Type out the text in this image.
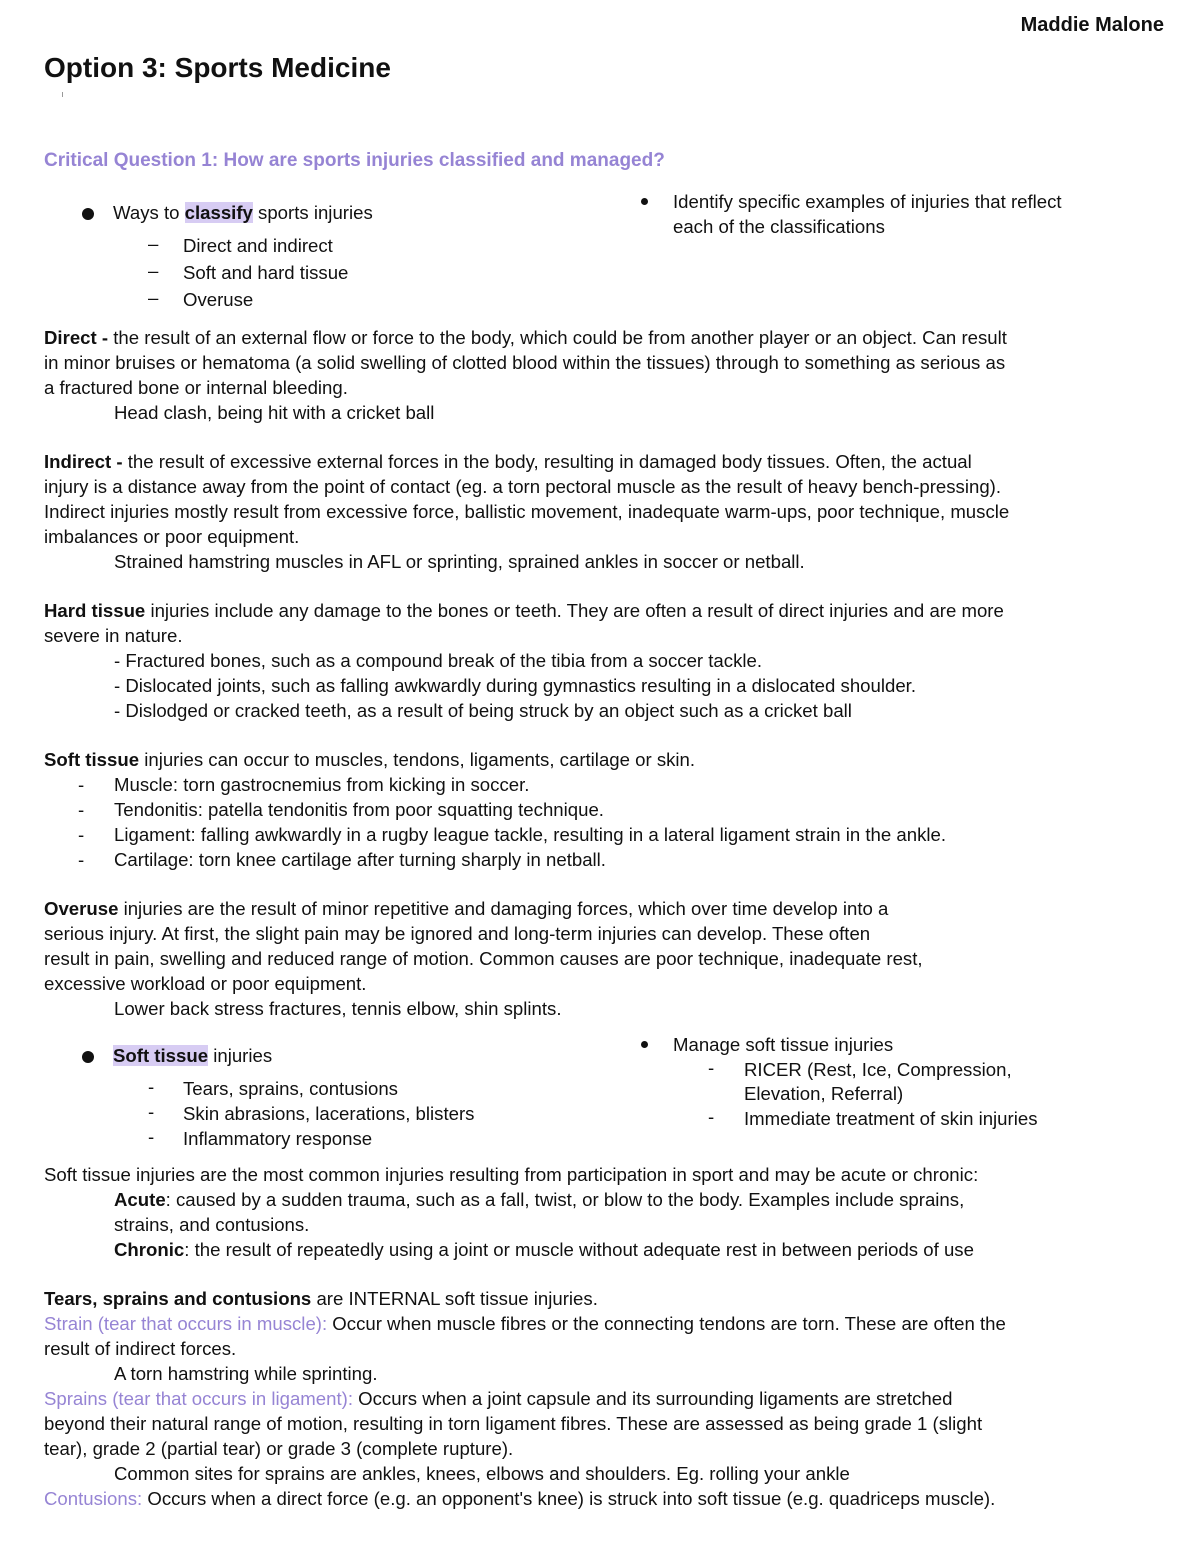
Maddie Malone
Option 3: Sports Medicine
Critical Question 1: How are sports injuries classified and managed?
Ways to classify sports injuries
– Direct and indirect
– Soft and hard tissue
– Overuse
Identify specific examples of injuries that reflect
each of the classifications
Direct - the result of an external flow or force to the body, which could be from another player or an object. Can result
in minor bruises or hematoma (a solid swelling of clotted blood within the tissues) through to something as serious as
a fractured bone or internal bleeding.
Head clash, being hit with a cricket ball
Indirect - the result of excessive external forces in the body, resulting in damaged body tissues. Often, the actual
injury is a distance away from the point of contact (eg. a torn pectoral muscle as the result of heavy bench-pressing).
Indirect injuries mostly result from excessive force, ballistic movement, inadequate warm-ups, poor technique, muscle
imbalances or poor equipment.
Strained hamstring muscles in AFL or sprinting, sprained ankles in soccer or netball.
Hard tissue injuries include any damage to the bones or teeth. They are often a result of direct injuries and are more
severe in nature.
- Fractured bones, such as a compound break of the tibia from a soccer tackle.
- Dislocated joints, such as falling awkwardly during gymnastics resulting in a dislocated shoulder.
- Dislodged or cracked teeth, as a result of being struck by an object such as a cricket ball
Soft tissue injuries can occur to muscles, tendons, ligaments, cartilage or skin.
- Muscle: torn gastrocnemius from kicking in soccer.
- Tendonitis: patella tendonitis from poor squatting technique.
- Ligament: falling awkwardly in a rugby league tackle, resulting in a lateral ligament strain in the ankle.
- Cartilage: torn knee cartilage after turning sharply in netball.
Overuse injuries are the result of minor repetitive and damaging forces, which over time develop into a
serious injury. At first, the slight pain may be ignored and long-term injuries can develop. These often
result in pain, swelling and reduced range of motion. Common causes are poor technique, inadequate rest,
excessive workload or poor equipment.
Lower back stress fractures, tennis elbow, shin splints.
Soft tissue injuries
- Tears, sprains, contusions
- Skin abrasions, lacerations, blisters
- Inflammatory response
Manage soft tissue injuries
- RICER (Rest, Ice, Compression,
Elevation, Referral)
- Immediate treatment of skin injuries
Soft tissue injuries are the most common injuries resulting from participation in sport and may be acute or chronic:
Acute: caused by a sudden trauma, such as a fall, twist, or blow to the body. Examples include sprains,
strains, and contusions.
Chronic: the result of repeatedly using a joint or muscle without adequate rest in between periods of use
Tears, sprains and contusions are INTERNAL soft tissue injuries.
Strain (tear that occurs in muscle): Occur when muscle fibres or the connecting tendons are torn. These are often the
result of indirect forces.
A torn hamstring while sprinting.
Sprains (tear that occurs in ligament): Occurs when a joint capsule and its surrounding ligaments are stretched
beyond their natural range of motion, resulting in torn ligament fibres. These are assessed as being grade 1 (slight
tear), grade 2 (partial tear) or grade 3 (complete rupture).
Common sites for sprains are ankles, knees, elbows and shoulders. Eg. rolling your ankle
Contusions: Occurs when a direct force (e.g. an opponent's knee) is struck into soft tissue (e.g. quadriceps muscle).
